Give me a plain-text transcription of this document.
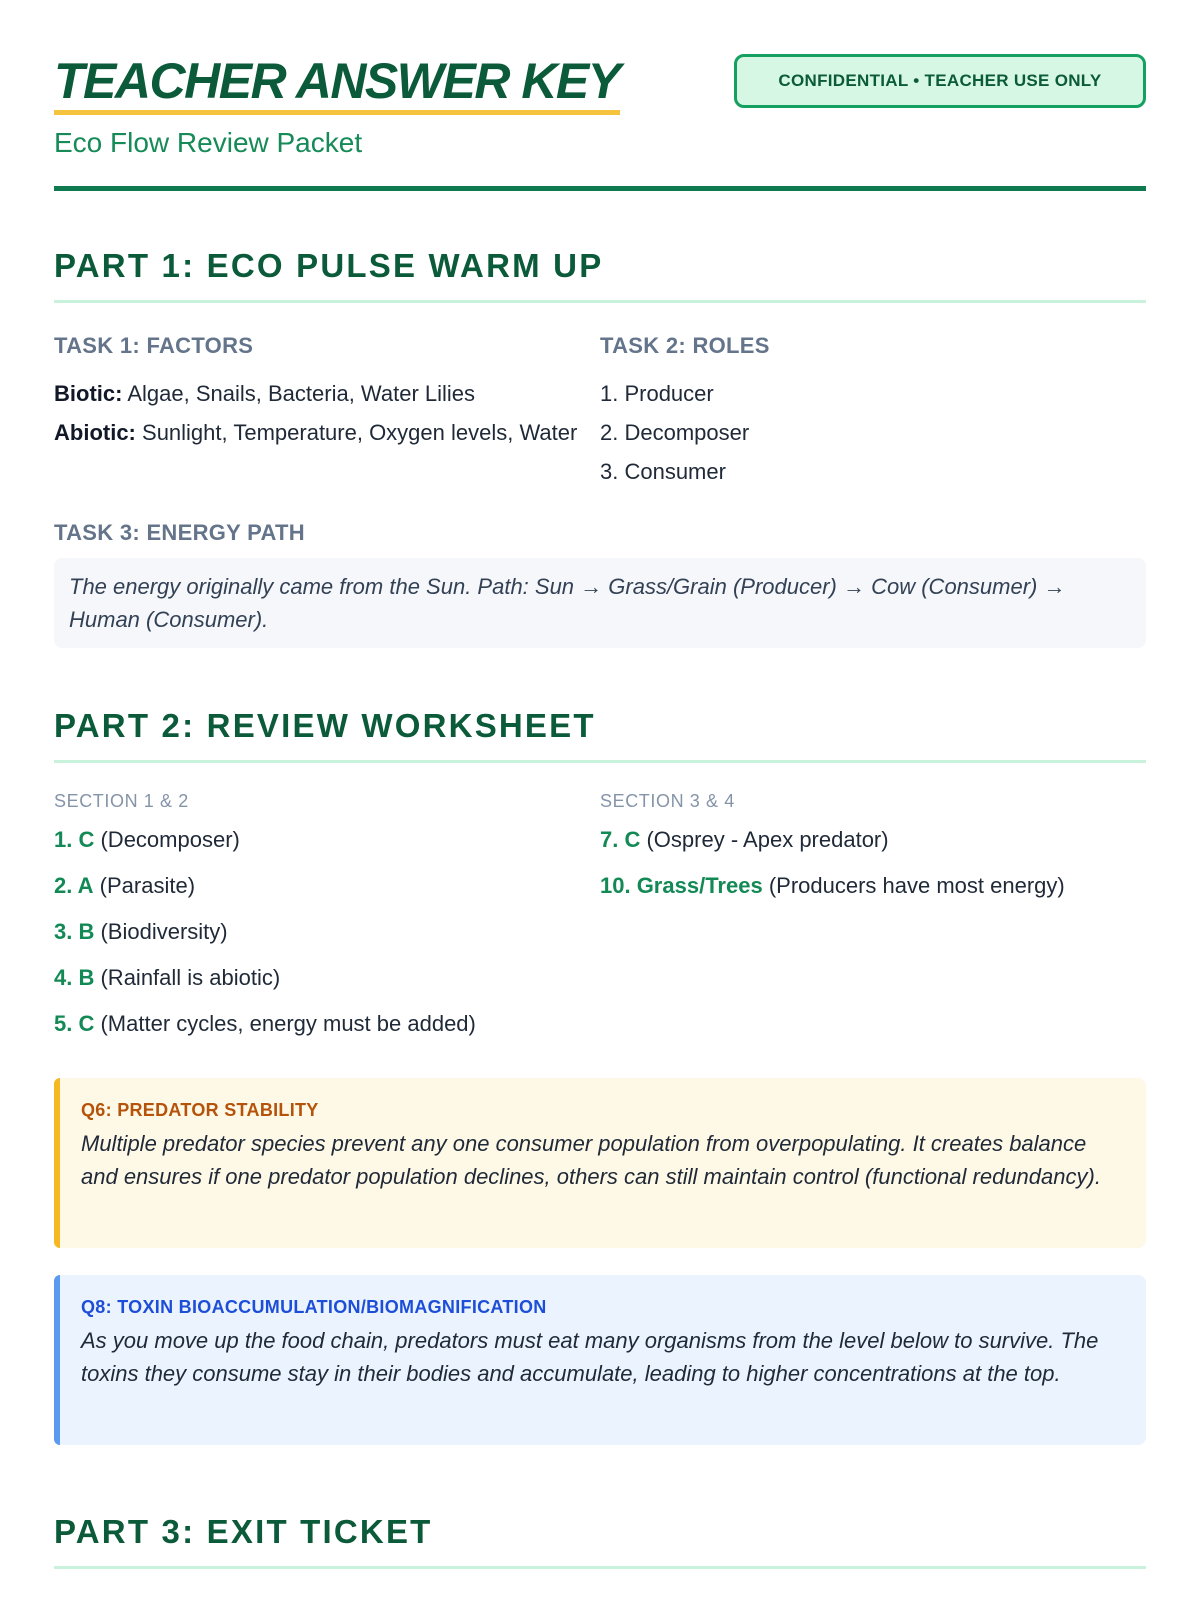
TEACHER ANSWER KEY
Eco Flow Review Packet
CONFIDENTIAL • TEACHER USE ONLY
PART 1: ECO PULSE WARM UP
TASK 1: FACTORS
Biotic: Algae, Snails, Bacteria, Water Lilies
Abiotic: Sunlight, Temperature, Oxygen levels, Water
TASK 2: ROLES
1. Producer
2. Decomposer
3. Consumer
TASK 3: ENERGY PATH
The energy originally came from the Sun. Path: Sun → Grass/Grain (Producer) → Cow (Consumer) → Human (Consumer).
PART 2: REVIEW WORKSHEET
SECTION 1 & 2
1. C (Decomposer)
2. A (Parasite)
3. B (Biodiversity)
4. B (Rainfall is abiotic)
5. C (Matter cycles, energy must be added)
SECTION 3 & 4
7. C (Osprey - Apex predator)
10. Grass/Trees (Producers have most energy)
Q6: PREDATOR STABILITY
Multiple predator species prevent any one consumer population from overpopulating. It creates balance and ensures if one predator population declines, others can still maintain control (functional redundancy).
Q8: TOXIN BIOACCUMULATION/BIOMAGNIFICATION
As you move up the food chain, predators must eat many organisms from the level below to survive. The toxins they consume stay in their bodies and accumulate, leading to higher concentrations at the top.
PART 3: EXIT TICKET
